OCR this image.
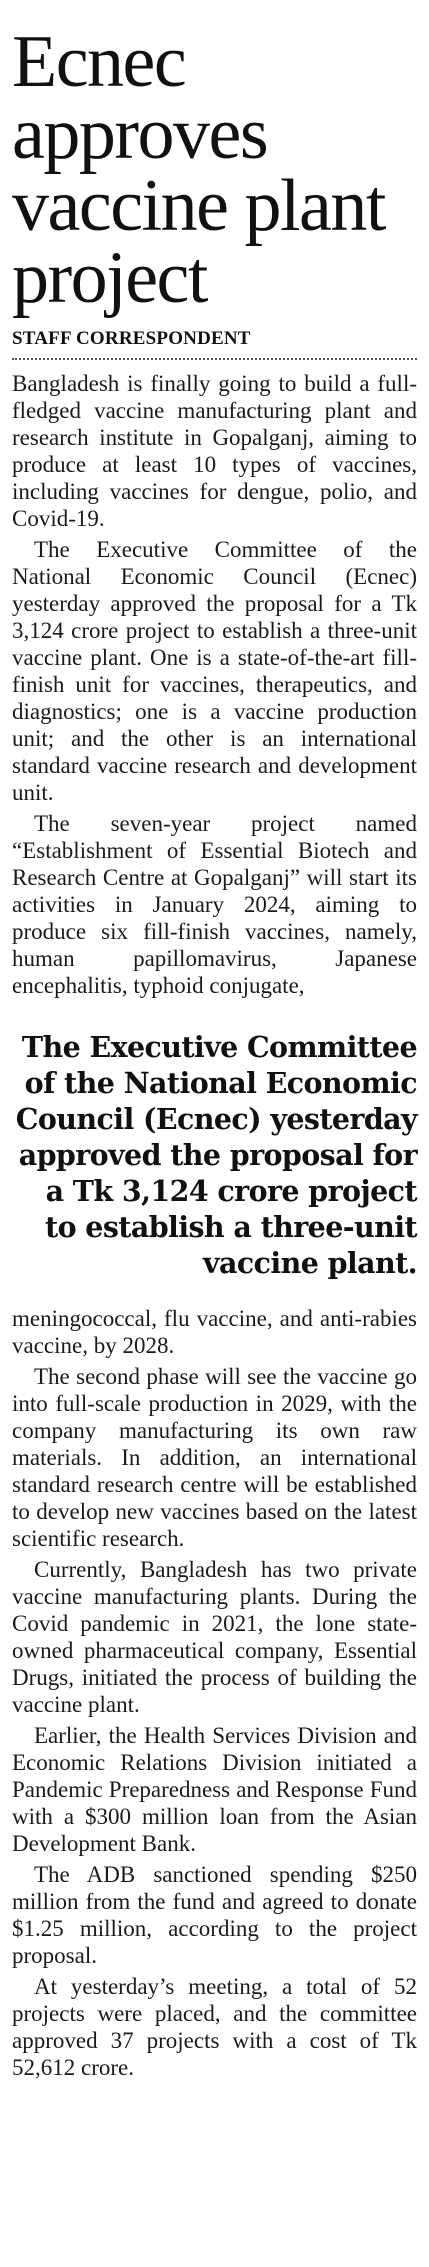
Ecnec approves vaccine plant project
STAFF CORRESPONDENT

Bangladesh is finally going to build a full-fledged vaccine manufacturing plant and research institute in Gopalganj, aiming to produce at least 10 types of vaccines, including vaccines for dengue, polio, and Covid-19.

The Executive Committee of the National Economic Council (Ecnec) yesterday approved the proposal for a Tk 3,124 crore project to establish a three-unit vaccine plant. One is a state-of-the-art fill-finish unit for vaccines, therapeutics, and diagnostics; one is a vaccine production unit; and the other is an international standard vaccine research and development unit.

The seven-year project named “Establishment of Essential Biotech and Research Centre at Gopalganj” will start its activities in January 2024, aiming to produce six fill-finish vaccines, namely, human papillomavirus, Japanese encephalitis, typhoid conjugate,

The Executive Committee of the National Economic Council (Ecnec) yesterday approved the proposal for a Tk 3,124 crore project to establish a three-unit vaccine plant.

meningococcal, flu vaccine, and anti-rabies vaccine, by 2028.

The second phase will see the vaccine go into full-scale production in 2029, with the company manufacturing its own raw materials. In addition, an international standard research centre will be established to develop new vaccines based on the latest scientific research.

Currently, Bangladesh has two private vaccine manufacturing plants. During the Covid pandemic in 2021, the lone state-owned pharmaceutical company, Essential Drugs, initiated the process of building the vaccine plant.

Earlier, the Health Services Division and Economic Relations Division initiated a Pandemic Preparedness and Response Fund with a $300 million loan from the Asian Development Bank.

The ADB sanctioned spending $250 million from the fund and agreed to donate $1.25 million, according to the project proposal.

At yesterday’s meeting, a total of 52 projects were placed, and the committee approved 37 projects with a cost of Tk 52,612 crore.
